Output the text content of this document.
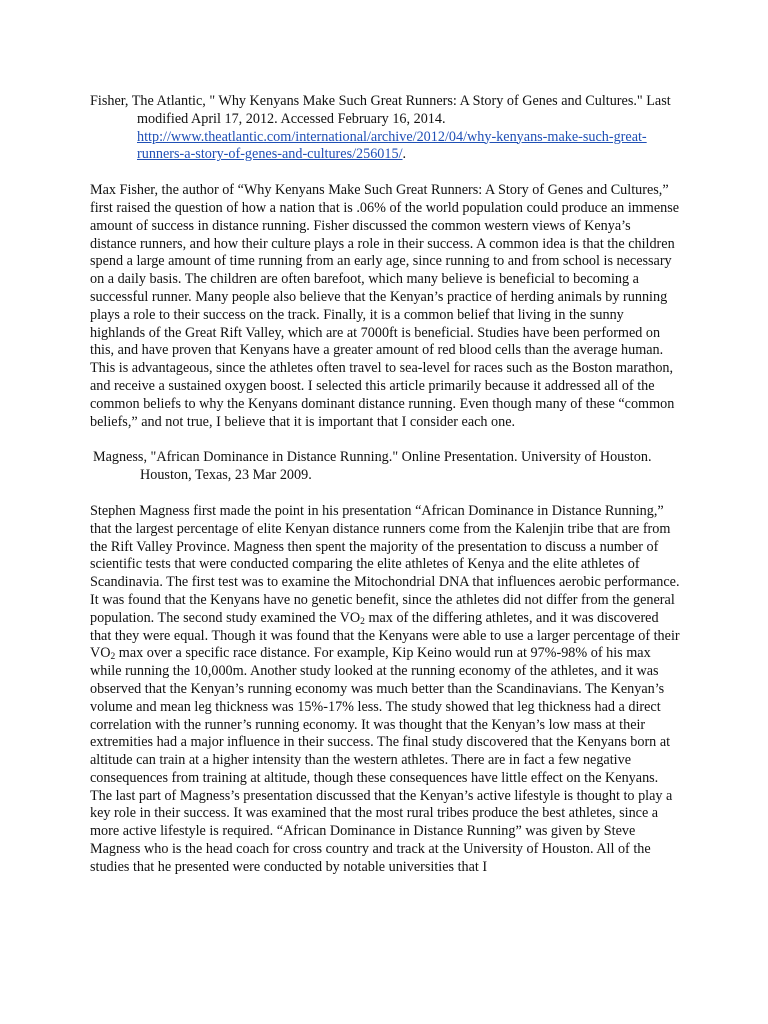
Fisher, The Atlantic, " Why Kenyans Make Such Great Runners: A Story of Genes and Cultures." Last modified April 17, 2012. Accessed February 16, 2014. http://www.theatlantic.com/international/archive/2012/04/why-kenyans-make-such-great-runners-a-story-of-genes-and-cultures/256015/.

Max Fisher, the author of “Why Kenyans Make Such Great Runners: A Story of Genes and Cultures,” first raised the question of how a nation that is .06% of the world population could produce an immense amount of success in distance running. Fisher discussed the common western views of Kenya’s distance runners, and how their culture plays a role in their success. A common idea is that the children spend a large amount of time running from an early age, since running to and from school is necessary on a daily basis. The children are often barefoot, which many believe is beneficial to becoming a successful runner. Many people also believe that the Kenyan’s practice of herding animals by running plays a role to their success on the track. Finally, it is a common belief that living in the sunny highlands of the Great Rift Valley, which are at 7000ft is beneficial. Studies have been performed on this, and have proven that Kenyans have a greater amount of red blood cells than the average human. This is advantageous, since the athletes often travel to sea-level for races such as the Boston marathon, and receive a sustained oxygen boost. I selected this article primarily because it addressed all of the common beliefs to why the Kenyans dominant distance running. Even though many of these “common beliefs,” and not true, I believe that it is important that I consider each one.

Magness, "African Dominance in Distance Running." Online Presentation. University of Houston. Houston, Texas, 23 Mar 2009.

Stephen Magness first made the point in his presentation “African Dominance in Distance Running,” that the largest percentage of elite Kenyan distance runners come from the Kalenjin tribe that are from the Rift Valley Province. Magness then spent the majority of the presentation to discuss a number of scientific tests that were conducted comparing the elite athletes of Kenya and the elite athletes of Scandinavia. The first test was to examine the Mitochondrial DNA that influences aerobic performance. It was found that the Kenyans have no genetic benefit, since the athletes did not differ from the general population. The second study examined the $VO_2$ max of the differing athletes, and it was discovered that they were equal. Though it was found that the Kenyans were able to use a larger percentage of their $VO_2$ max over a specific race distance. For example, Kip Keino would run at 97%-98% of his max while running the 10,000m. Another study looked at the running economy of the athletes, and it was observed that the Kenyan’s running economy was much better than the Scandinavians. The Kenyan’s volume and mean leg thickness was 15%-17% less. The study showed that leg thickness had a direct correlation with the runner’s running economy. It was thought that the Kenyan’s low mass at their extremities had a major influence in their success. The final study discovered that the Kenyans born at altitude can train at a higher intensity than the western athletes. There are in fact a few negative consequences from training at altitude, though these consequences have little effect on the Kenyans. The last part of Magness’s presentation discussed that the Kenyan’s active lifestyle is thought to play a key role in their success. It was examined that the most rural tribes produce the best athletes, since a more active lifestyle is required. “African Dominance in Distance Running” was given by Steve Magness who is the head coach for cross country and track at the University of Houston. All of the studies that he presented were conducted by notable universities that I
